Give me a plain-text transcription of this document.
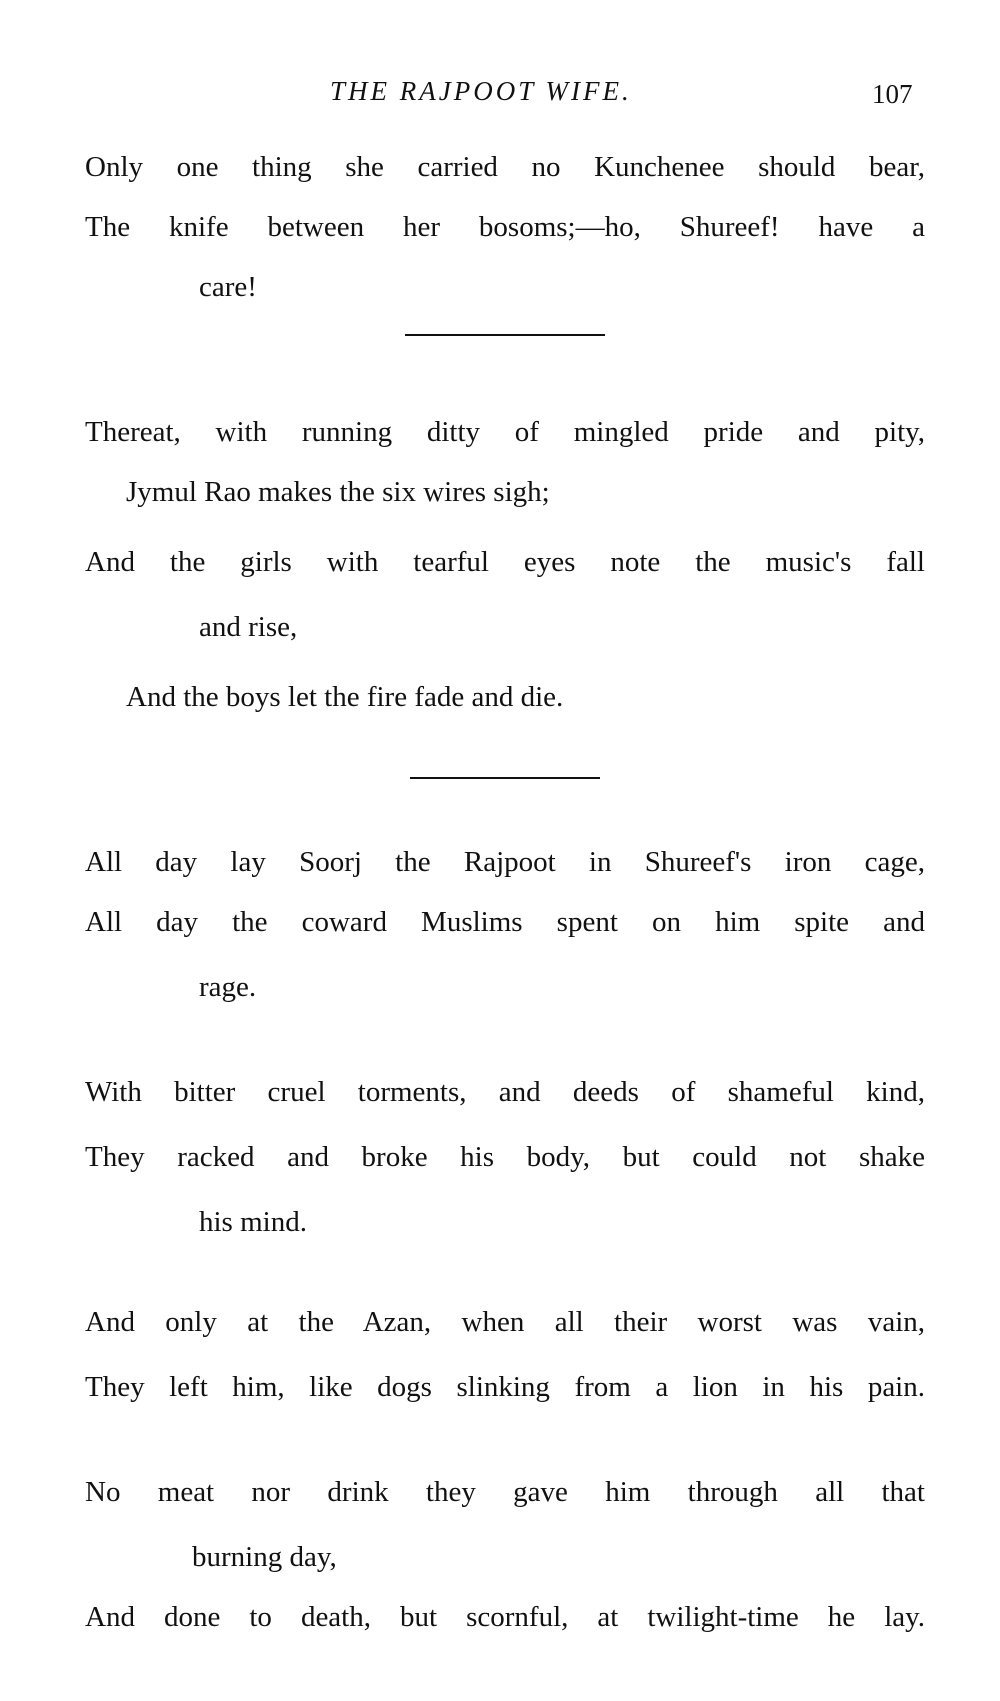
THE RAJPOOT WIFE.	107
Only one thing she carried no Kunchenee should bear,
The knife between her bosoms;—ho, Shureef! have a
care!
Thereat, with running ditty of mingled pride and pity,
Jymul Rao makes the six wires sigh;
And the girls with tearful eyes note the music's fall
and rise,
And the boys let the fire fade and die.
All day lay Soorj the Rajpoot in Shureef's iron cage,
All day the coward Muslims spent on him spite and
rage.
With bitter cruel torments, and deeds of shameful kind,
They racked and broke his body, but could not shake
his mind.
And only at the Azan, when all their worst was vain,
They left him, like dogs slinking from a lion in his pain.
No meat nor drink they gave him through all that
burning day,
And done to death, but scornful, at twilight-time he lay.
